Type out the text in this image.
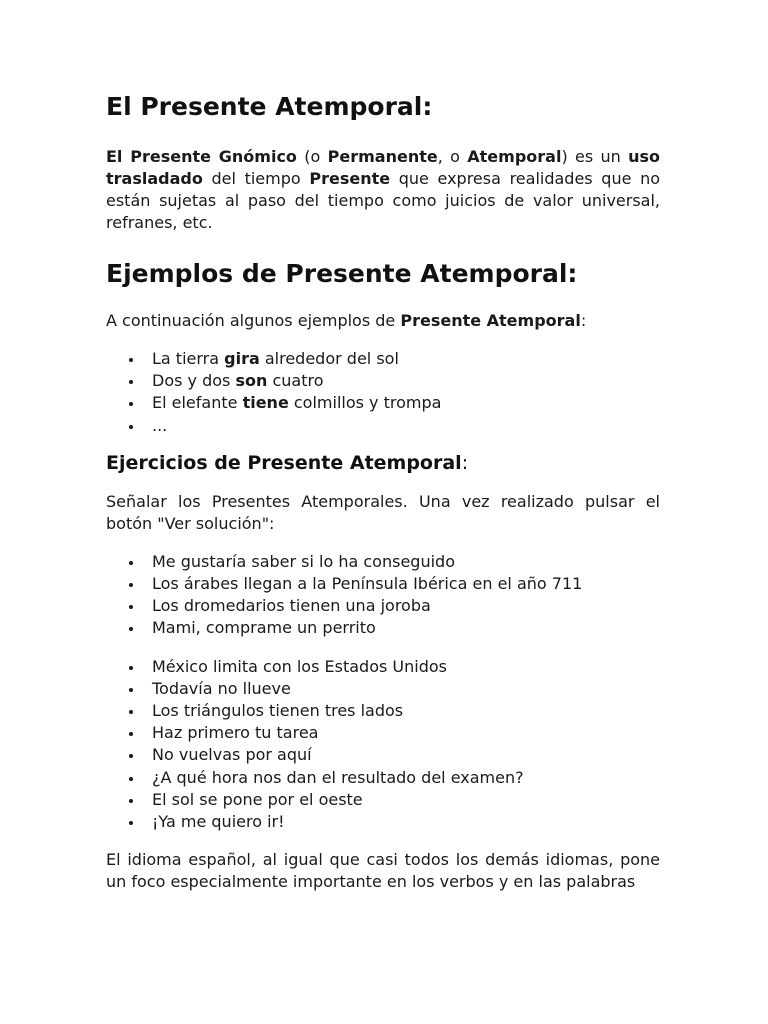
El Presente Atemporal:

El Presente Gnómico (o Permanente, o Atemporal) es un uso trasladado del tiempo Presente que expresa realidades que no están sujetas al paso del tiempo como juicios de valor universal, refranes, etc.

Ejemplos de Presente Atemporal:

A continuación algunos ejemplos de Presente Atemporal:

La tierra gira alrededor del sol
Dos y dos son cuatro
El elefante tiene colmillos y trompa
...
Ejercicios de Presente Atemporal:

Señalar los Presentes Atemporales. Una vez realizado pulsar el botón "Ver solución":

Me gustaría saber si lo ha conseguido
Los árabes llegan a la Península Ibérica en el año 711
Los dromedarios tienen una joroba
Mami, comprame un perrito
México limita con los Estados Unidos
Todavía no llueve
Los triángulos tienen tres lados
Haz primero tu tarea
No vuelvas por aquí
¿A qué hora nos dan el resultado del examen?
El sol se pone por el oeste
¡Ya me quiero ir!

El idioma español, al igual que casi todos los demás idiomas, pone un foco especialmente importante en los verbos y en las palabras
